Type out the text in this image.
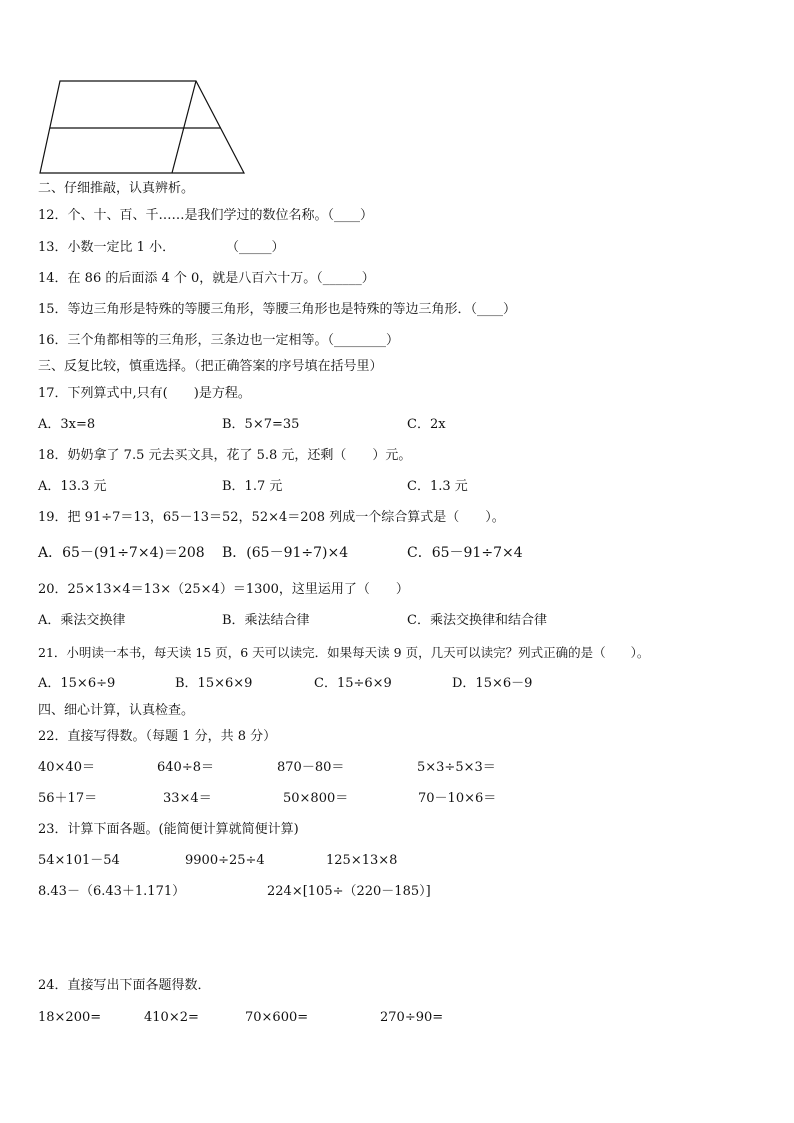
二、仔细推敲，认真辨析。
12．个、十、百、千……是我们学过的数位名称。（____）
13．小数一定比 1 小．	（_____）
14．在 86 的后面添 4 个 0，就是八百六十万。（______）
15．等边三角形是特殊的等腰三角形，等腰三角形也是特殊的等边三角形．（____）
16．三个角都相等的三角形，三条边也一定相等。（________）
三、反复比较，慎重选择。（把正确答案的序号填在括号里）
17．下列算式中,只有(　　)是方程。
A．3x=8	B．5×7=35	C．2x
18．奶奶拿了 7.5 元去买文具，花了 5.8 元，还剩（　　）元。
A．13.3 元	B．1.7 元	C．1.3 元
19．把 91÷7＝13，65－13＝52，52×4＝208 列成一个综合算式是（　　）。
A．65－(91÷7×4)＝208 B．(65－91÷7)×4	C．65－91÷7×4
20．25×13×4＝13×（25×4）＝1300，这里运用了（　　）
A．乘法交换律	B．乘法结合律	C．乘法交换律和结合律
21．小明读一本书，每天读 15 页，6 天可以读完．如果每天读 9 页，几天可以读完？列式正确的是（　　）。
A．15×6÷9	B．15×6×9	C．15÷6×9	D．15×6－9
四、细心计算，认真检查。
22．直接写得数。（每题 1 分，共 8 分）
40×40＝	640÷8＝	870－80＝	5×3÷5×3＝
56＋17＝	33×4＝	50×800＝	70－10×6＝
23．计算下面各题。(能简便计算就简便计算)
54×101－54	9900÷25÷4	125×13×8
8.43－（6.43＋1.171）	224×[105÷（220－185）]
24．直接写出下面各题得数．
18×200=	410×2=	70×600=	270÷90=
